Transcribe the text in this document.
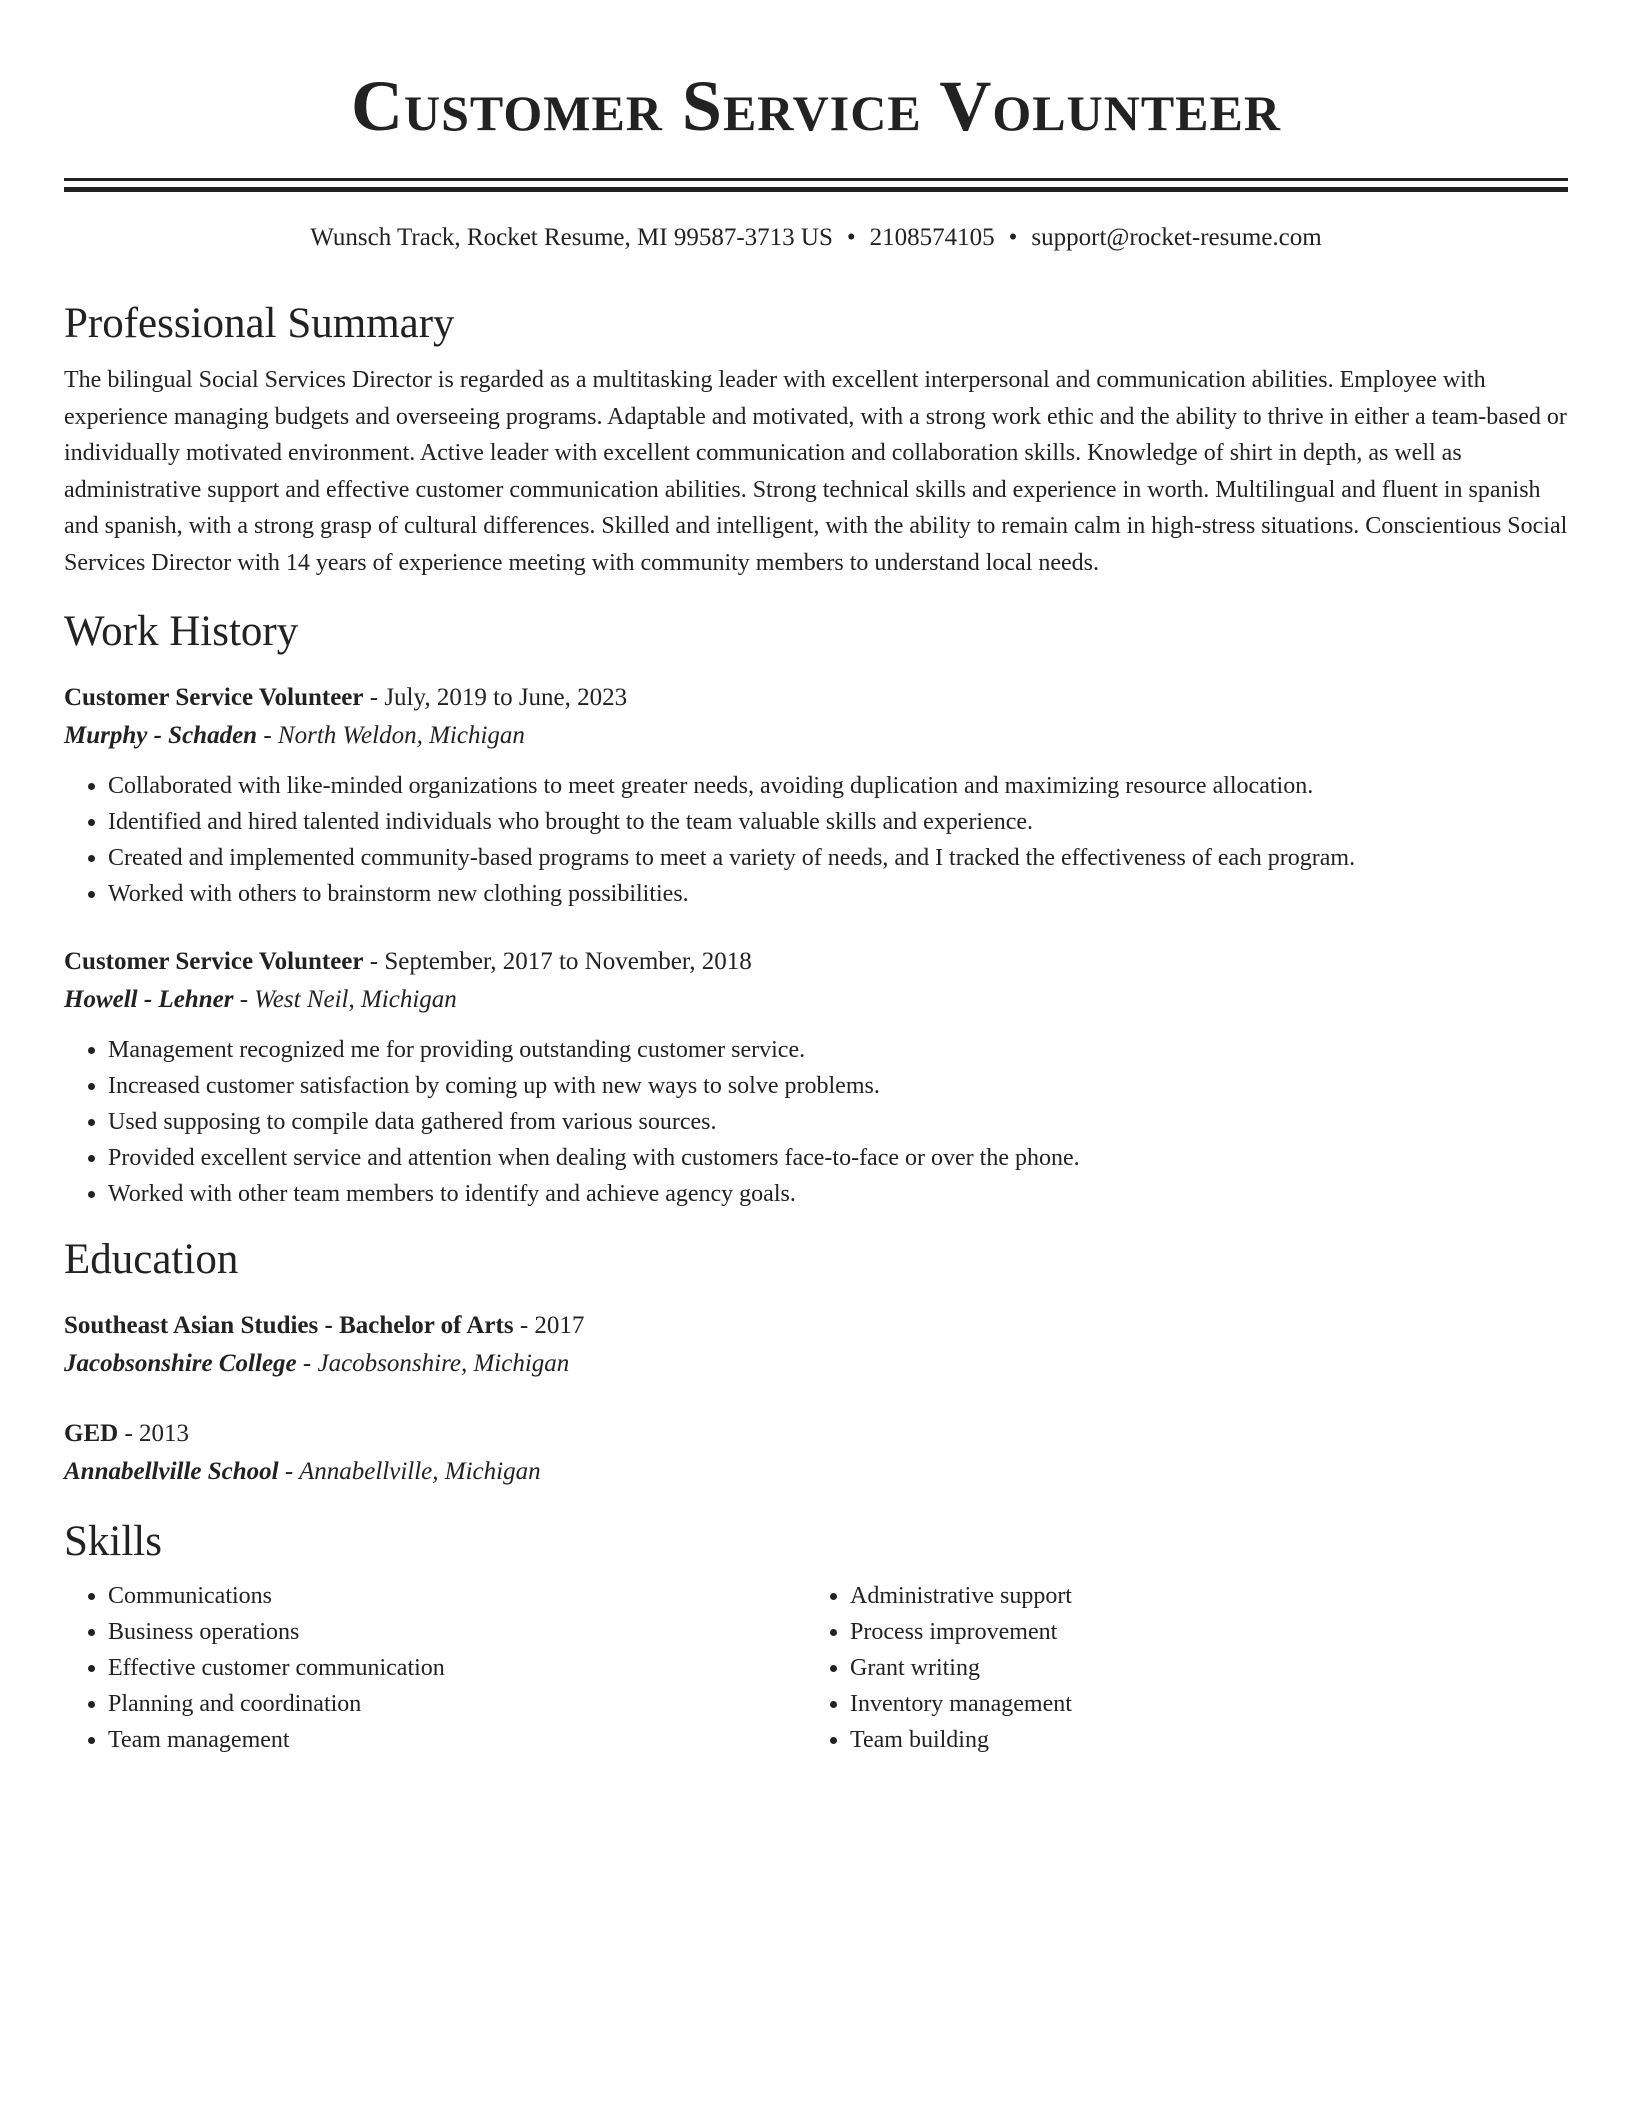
Customer Service Volunteer
Wunsch Track, Rocket Resume, MI 99587-3713 US • 2108574105 • support@rocket-resume.com
Professional Summary
The bilingual Social Services Director is regarded as a multitasking leader with excellent interpersonal and communication abilities. Employee with experience managing budgets and overseeing programs. Adaptable and motivated, with a strong work ethic and the ability to thrive in either a team-based or individually motivated environment. Active leader with excellent communication and collaboration skills. Knowledge of shirt in depth, as well as administrative support and effective customer communication abilities. Strong technical skills and experience in worth. Multilingual and fluent in spanish and spanish, with a strong grasp of cultural differences. Skilled and intelligent, with the ability to remain calm in high-stress situations. Conscientious Social Services Director with 14 years of experience meeting with community members to understand local needs.
Work History
Customer Service Volunteer - July, 2019 to June, 2023
Murphy - Schaden - North Weldon, Michigan
• Collaborated with like-minded organizations to meet greater needs, avoiding duplication and maximizing resource allocation.
• Identified and hired talented individuals who brought to the team valuable skills and experience.
• Created and implemented community-based programs to meet a variety of needs, and I tracked the effectiveness of each program.
• Worked with others to brainstorm new clothing possibilities.
Customer Service Volunteer - September, 2017 to November, 2018
Howell - Lehner - West Neil, Michigan
• Management recognized me for providing outstanding customer service.
• Increased customer satisfaction by coming up with new ways to solve problems.
• Used supposing to compile data gathered from various sources.
• Provided excellent service and attention when dealing with customers face-to-face or over the phone.
• Worked with other team members to identify and achieve agency goals.
Education
Southeast Asian Studies - Bachelor of Arts - 2017
Jacobsonshire College - Jacobsonshire, Michigan
GED - 2013
Annabellville School - Annabellville, Michigan
Skills
• Communications
• Business operations
• Effective customer communication
• Planning and coordination
• Team management
• Administrative support
• Process improvement
• Grant writing
• Inventory management
• Team building
